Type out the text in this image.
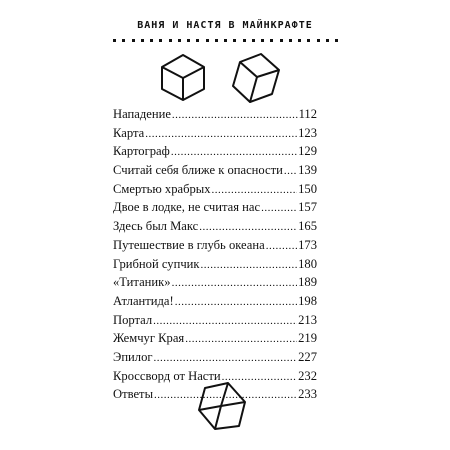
ВАНЯ И НАСТЯ В МАЙНКРАФТЕ
Нападение .....	112
Карта .....	123
Картограф .....	129
Считай себя ближе к опасности ..... 139
Смертью храбрых .....	150
Двое в лодке, не считая нас .....	157
Здесь был Макс .....	165
Путешествие в глубь океана .....	173
Грибной супчик .....	180
«Титаник» .....	189
Атлантида! .....	198
Портал .....	213
Жемчуг Края .....	219
Эпилог .....	227
Кроссворд от Насти .....	232
Ответы .....	233
